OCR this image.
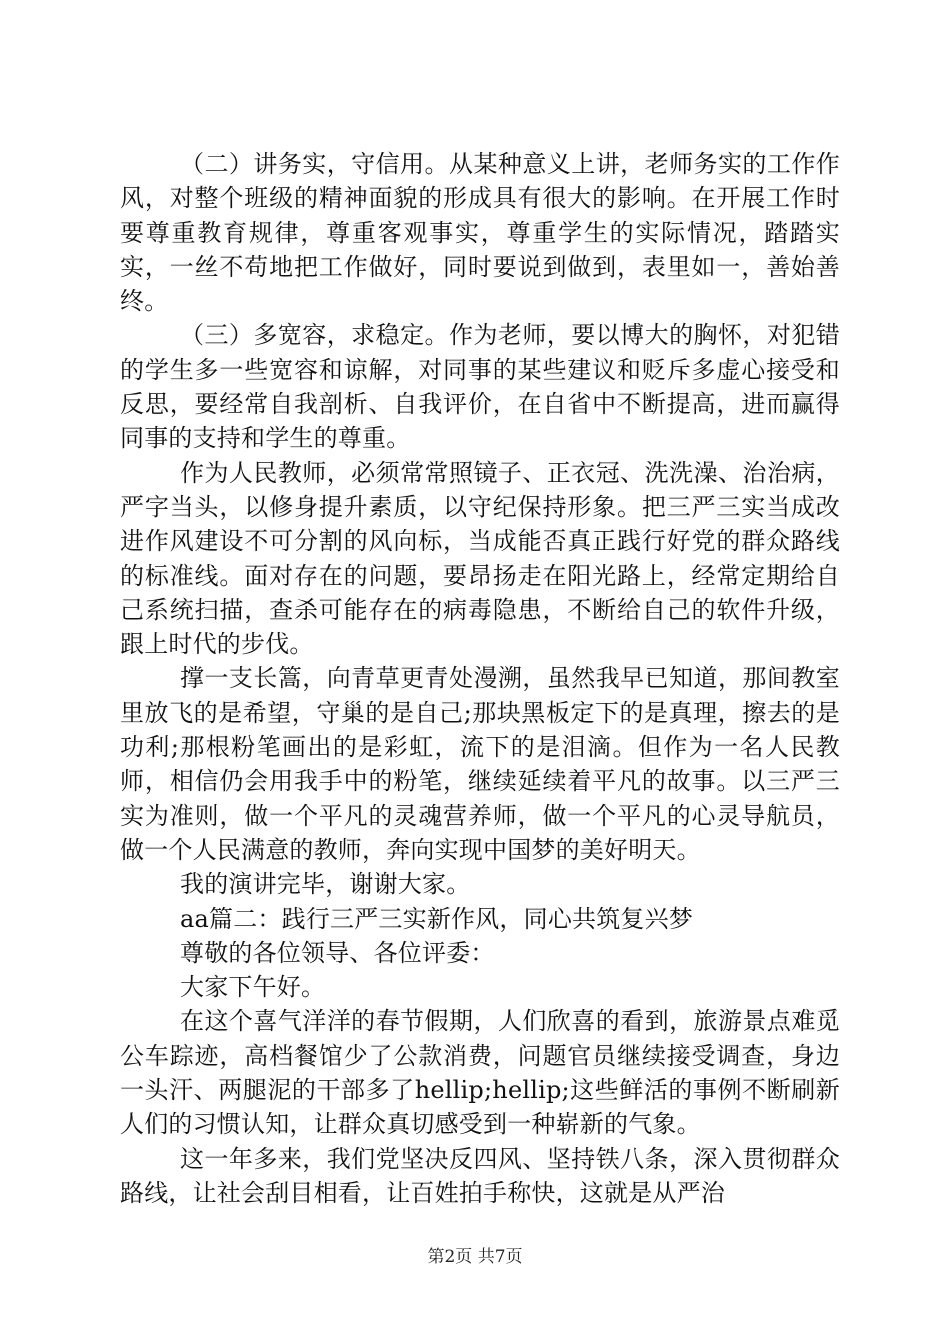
（二）讲务实，守信用。从某种意义上讲，老师务实的工作作风，对整个班级的精神面貌的形成具有很大的影响。在开展工作时要尊重教育规律，尊重客观事实，尊重学生的实际情况，踏踏实实，一丝不苟地把工作做好，同时要说到做到，表里如一，善始善终。

（三）多宽容，求稳定。作为老师，要以博大的胸怀，对犯错的学生多一些宽容和谅解，对同事的某些建议和贬斥多虚心接受和反思，要经常自我剖析、自我评价，在自省中不断提高，进而赢得同事的支持和学生的尊重。

作为人民教师，必须常常照镜子、正衣冠、洗洗澡、治治病，严字当头，以修身提升素质，以守纪保持形象。把三严三实当成改进作风建设不可分割的风向标，当成能否真正践行好党的群众路线的标准线。面对存在的问题，要昂扬走在阳光路上，经常定期给自己系统扫描，查杀可能存在的病毒隐患，不断给自己的软件升级，跟上时代的步伐。

撑一支长篙，向青草更青处漫溯，虽然我早已知道，那间教室里放飞的是希望，守巢的是自己;那块黑板定下的是真理，擦去的是功利;那根粉笔画出的是彩虹，流下的是泪滴。但作为一名人民教师，相信仍会用我手中的粉笔，继续延续着平凡的故事。以三严三实为准则，做一个平凡的灵魂营养师，做一个平凡的心灵导航员，做一个人民满意的教师，奔向实现中国梦的美好明天。

我的演讲完毕，谢谢大家。

aa篇二：践行三严三实新作风，同心共筑复兴梦

尊敬的各位领导、各位评委：

大家下午好。

在这个喜气洋洋的春节假期，人们欣喜的看到，旅游景点难觅公车踪迹，高档餐馆少了公款消费，问题官员继续接受调查，身边一头汗、两腿泥的干部多了hellip;hellip;这些鲜活的事例不断刷新人们的习惯认知，让群众真切感受到一种崭新的气象。

这一年多来，我们党坚决反四风、坚持铁八条，深入贯彻群众路线，让社会刮目相看，让百姓拍手称快，这就是从严治

第2页 共7页
